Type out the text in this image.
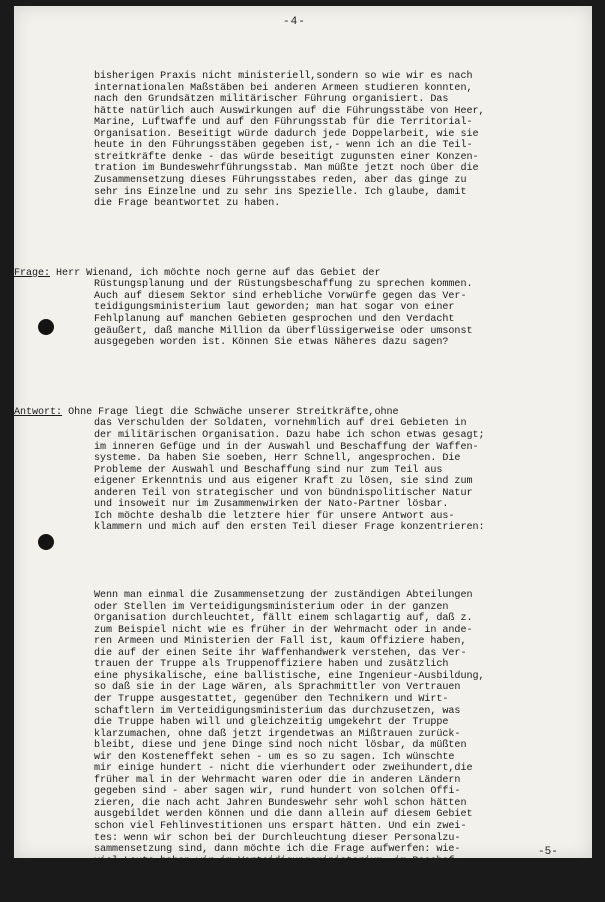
-4-

bisherigen Praxis nicht ministeriell,sondern so wie wir es nach
internationalen Maßstäben bei anderen Armeen studieren konnten,
nach den Grundsätzen militärischer Führung organisiert. Das
hätte natürlich auch Auswirkungen auf die Führungsstäbe von Heer,
Marine, Luftwaffe und auf den Führungsstab für die Territorial-
Organisation. Beseitigt würde dadurch jede Doppelarbeit, wie sie
heute in den Führungsstäben gegeben ist,- wenn ich an die Teil-
streitkräfte denke - das würde beseitigt zugunsten einer Konzen-
tration im Bundeswehrführungsstab. Man müßte jetzt noch über die
Zusammensetzung dieses Führungsstabes reden, aber das ginge zu
sehr ins Einzelne und zu sehr ins Spezielle. Ich glaube, damit
die Frage beantwortet zu haben.

Frage: Herr Wienand, ich möchte noch gerne auf das Gebiet der
Rüstungsplanung und der Rüstungsbeschaffung zu sprechen kommen.
Auch auf diesem Sektor sind erhebliche Vorwürfe gegen das Ver-
teidigungsministerium laut geworden; man hat sogar von einer
Fehlplanung auf manchen Gebieten gesprochen und den Verdacht
geäußert, daß manche Million da überflüssigerweise oder umsonst
ausgegeben worden ist. Können Sie etwas Näheres dazu sagen?

Antwort: Ohne Frage liegt die Schwäche unserer Streitkräfte,ohne
das Verschulden der Soldaten, vornehmlich auf drei Gebieten in
der militärischen Organisation. Dazu habe ich schon etwas gesagt;
im inneren Gefüge und in der Auswahl und Beschaffung der Waffen-
systeme. Da haben Sie soeben, Herr Schnell, angesprochen. Die
Probleme der Auswahl und Beschaffung sind nur zum Teil aus
eigener Erkenntnis und aus eigener Kraft zu lösen, sie sind zum
anderen Teil von strategischer und von bündnispolitischer Natur
und insoweit nur im Zusammenwirken der Nato-Partner lösbar.
Ich möchte deshalb die letztere hier für unsere Antwort aus-
klammern und mich auf den ersten Teil dieser Frage konzentrieren:

Wenn man einmal die Zusammensetzung der zuständigen Abteilungen
oder Stellen im Verteidigungsministerium oder in der ganzen
Organisation durchleuchtet, fällt einem schlagartig auf, daß z.
zum Beispiel nicht wie es früher in der Wehrmacht oder in ande-
ren Armeen und Ministerien der Fall ist, kaum Offiziere haben,
die auf der einen Seite ihr Waffenhandwerk verstehen, das Ver-
trauen der Truppe als Truppenoffiziere haben und zusätzlich
eine physikalische, eine ballistische, eine Ingenieur-Ausbildung,
so daß sie in der Lage wären, als Sprachmittler von Vertrauen
der Truppe ausgestattet, gegenüber den Technikern und Wirt-
schaftlern im Verteidigungsministerium das durchzusetzen, was
die Truppe haben will und gleichzeitig umgekehrt der Truppe
klarzumachen, ohne daß jetzt irgendetwas an Mißtrauen zurück-
bleibt, diese und jene Dinge sind noch nicht lösbar, da müßten
wir den Kosteneffekt sehen - um es so zu sagen. Ich wünschte
mir einige hundert - nicht die vierhundert oder zweihundert,die
früher mal in der Wehrmacht waren oder die in anderen Ländern
gegeben sind - aber sagen wir, rund hundert von solchen Offi-
zieren, die nach acht Jahren Bundeswehr sehr wohl schon hätten
ausgebildet werden können und die dann allein auf diesem Gebiet
schon viel Fehlinvestitionen uns erspart hätten. Und ein zwei-
tes: wenn wir schon bei der Durchleuchtung dieser Personalzu-
sammensetzung sind, dann möchte ich die Frage aufwerfen: wie-
viel Leute haben wir im Verteidigungsministerium, im Beschaf-
fungsamt in Koblenz, in den anderen Stellen, die etwas von

-5-
